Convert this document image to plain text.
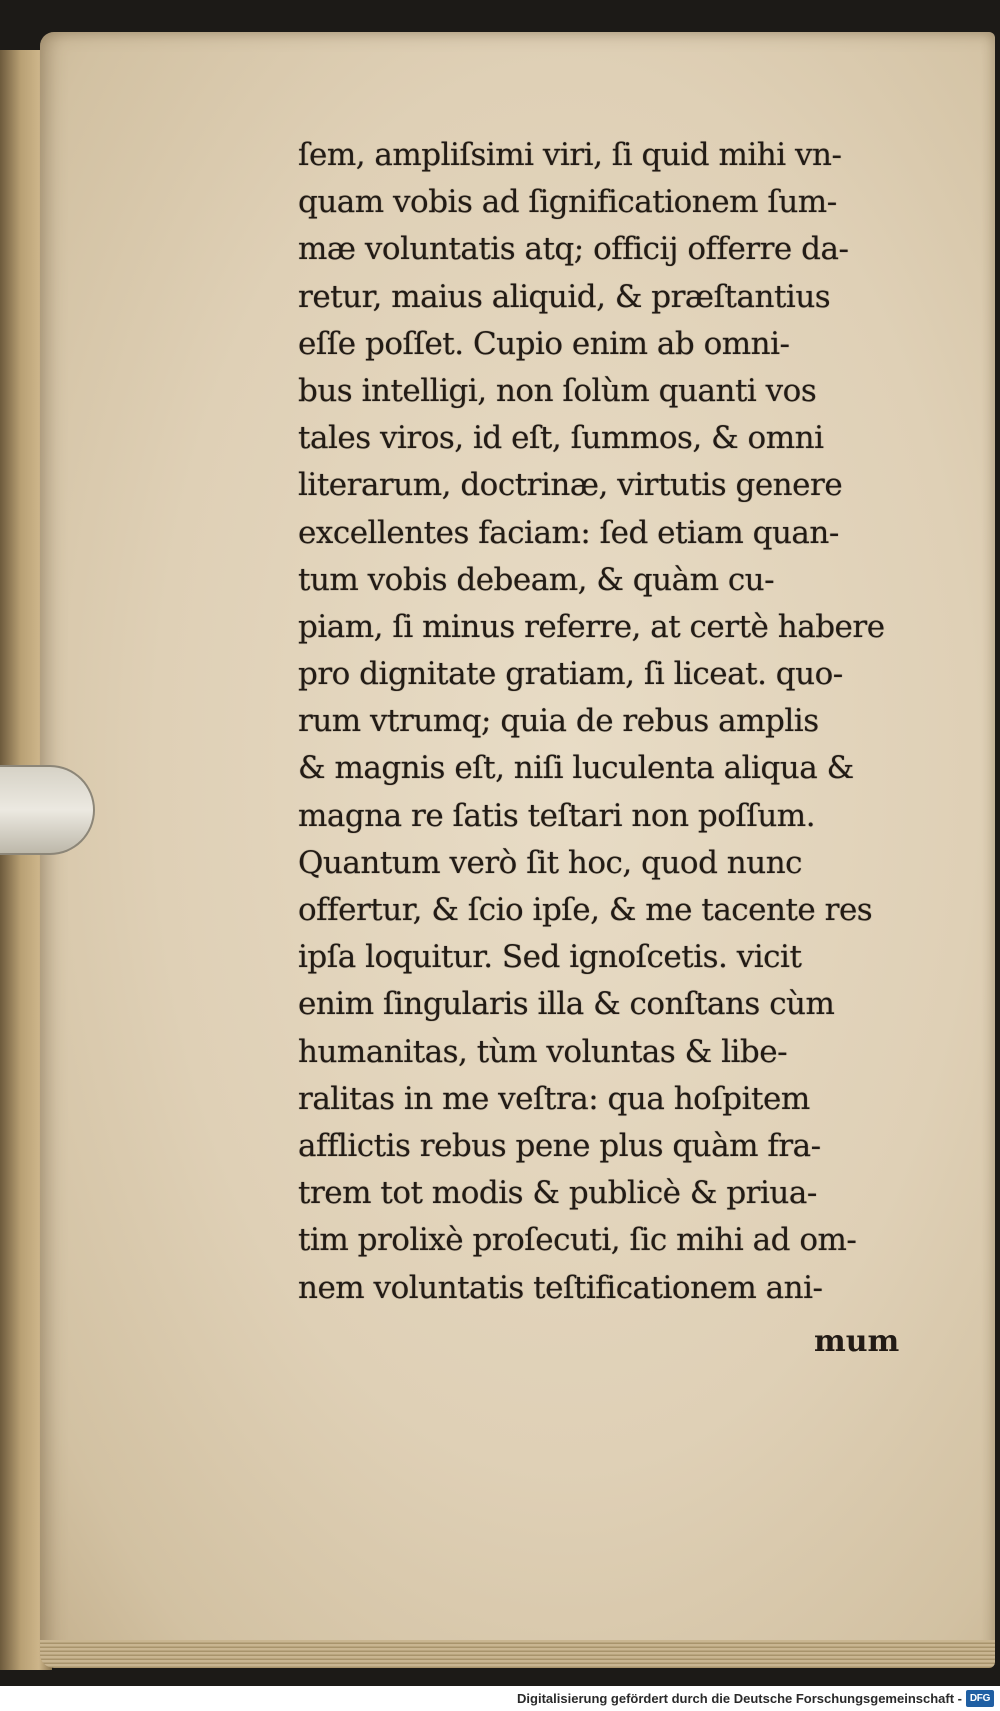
ſem, ampliſsimi viri, ſi quid mihi vn-
quam vobis ad ſignificationem ſum-
mæ voluntatis atq; officij offerre da-
retur, maius aliquid, & præſtantius
eſſe poſſet. Cupio enim ab omni-
bus intelligi, non ſolùm quanti vos
tales viros, id eſt, ſummos, & omni
literarum, doctrinæ, virtutis genere
excellentes faciam: ſed etiam quan-
tum vobis debeam, & quàm cu-
piam, ſi minus referre, at certè habere
pro dignitate gratiam, ſi liceat. quo-
rum vtrumq; quia de rebus amplis
& magnis eſt, niſi luculenta aliqua &
magna re ſatis teſtari non poſſum.
Quantum verò ſit hoc, quod nunc
offertur, & ſcio ipſe, & me tacente res
ipſa loquitur. Sed ignoſcetis. vicit
enim ſingularis illa & conſtans cùm
humanitas, tùm voluntas & libe-
ralitas in me veſtra: qua hoſpitem
afflictis rebus pene plus quàm fra-
trem tot modis & publicè & priua-
tim prolixè proſecuti, ſic mihi ad om-
nem voluntatis teſtificationem ani-
mum
Digitalisierung gefördert durch die Deutsche Forschungsgemeinschaft - DFG
